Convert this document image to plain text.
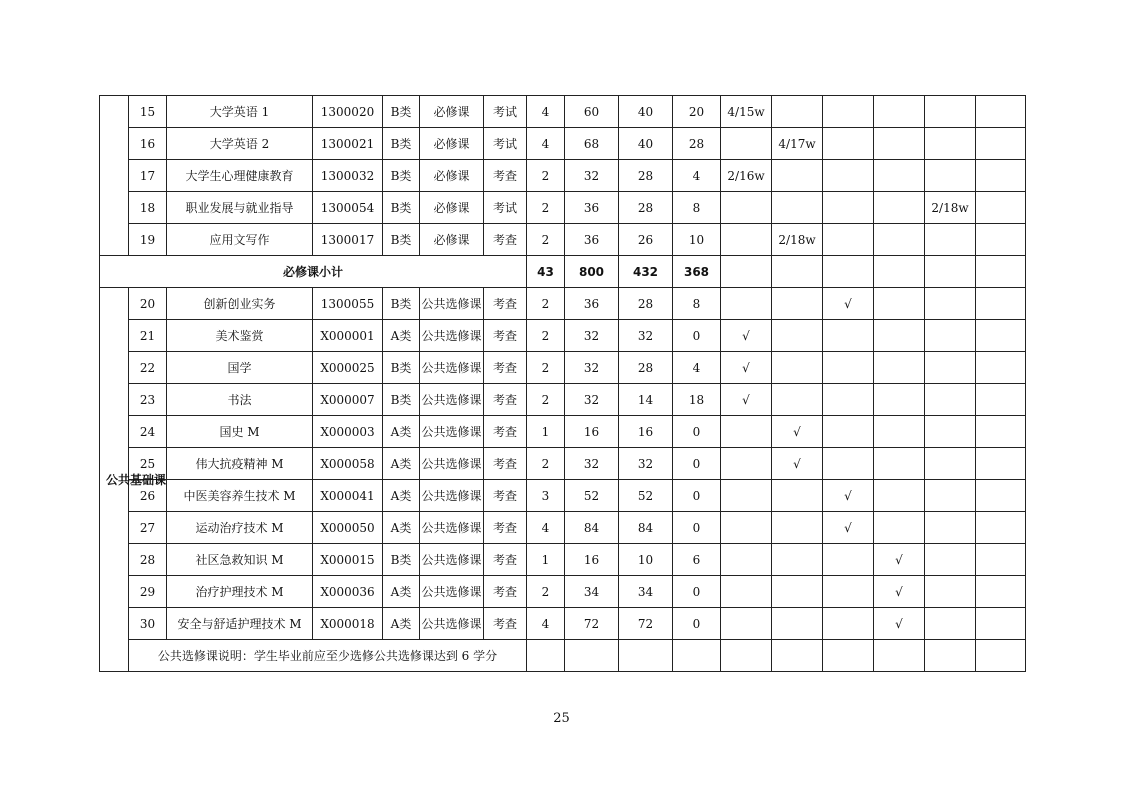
	15	大学英语 1	1300020	B类	必修课	考试	4	60	40	20	4/15w					
	16	大学英语 2	1300021	B类	必修课	考试	4	68	40	28		4/17w				
	17	大学生心理健康教育	1300032	B类	必修课	考查	2	32	28	4	2/16w					
	18	职业发展与就业指导	1300054	B类	必修课	考试	2	36	28	8					2/18w	
	19	应用文写作	1300017	B类	必修课	考查	2	36	26	10		2/18w				
必修课小计							43	800	432	368						
公共基础课	20	创新创业实务	1300055	B类	公共选修课	考查	2	36	28	8			√			
	21	美术鉴赏	X000001	A类	公共选修课	考查	2	32	32	0	√					
	22	国学	X000025	B类	公共选修课	考查	2	32	28	4	√					
	23	书法	X000007	B类	公共选修课	考查	2	32	14	18	√					
	24	国史 M	X000003	A类	公共选修课	考查	1	16	16	0		√				
	25	伟大抗疫精神 M	X000058	A类	公共选修课	考查	2	32	32	0		√				
	26	中医美容养生技术 M	X000041	A类	公共选修课	考查	3	52	52	0			√			
	27	运动治疗技术 M	X000050	A类	公共选修课	考查	4	84	84	0			√			
	28	社区急救知识 M	X000015	B类	公共选修课	考查	1	16	10	6				√		
	29	治疗护理技术 M	X000036	A类	公共选修课	考查	2	34	34	0				√		
	30	安全与舒适护理技术 M	X000018	A类	公共选修课	考查	4	72	72	0				√		
	公共选修课说明：学生毕业前应至少选修公共选修课达到 6 学分															
25
